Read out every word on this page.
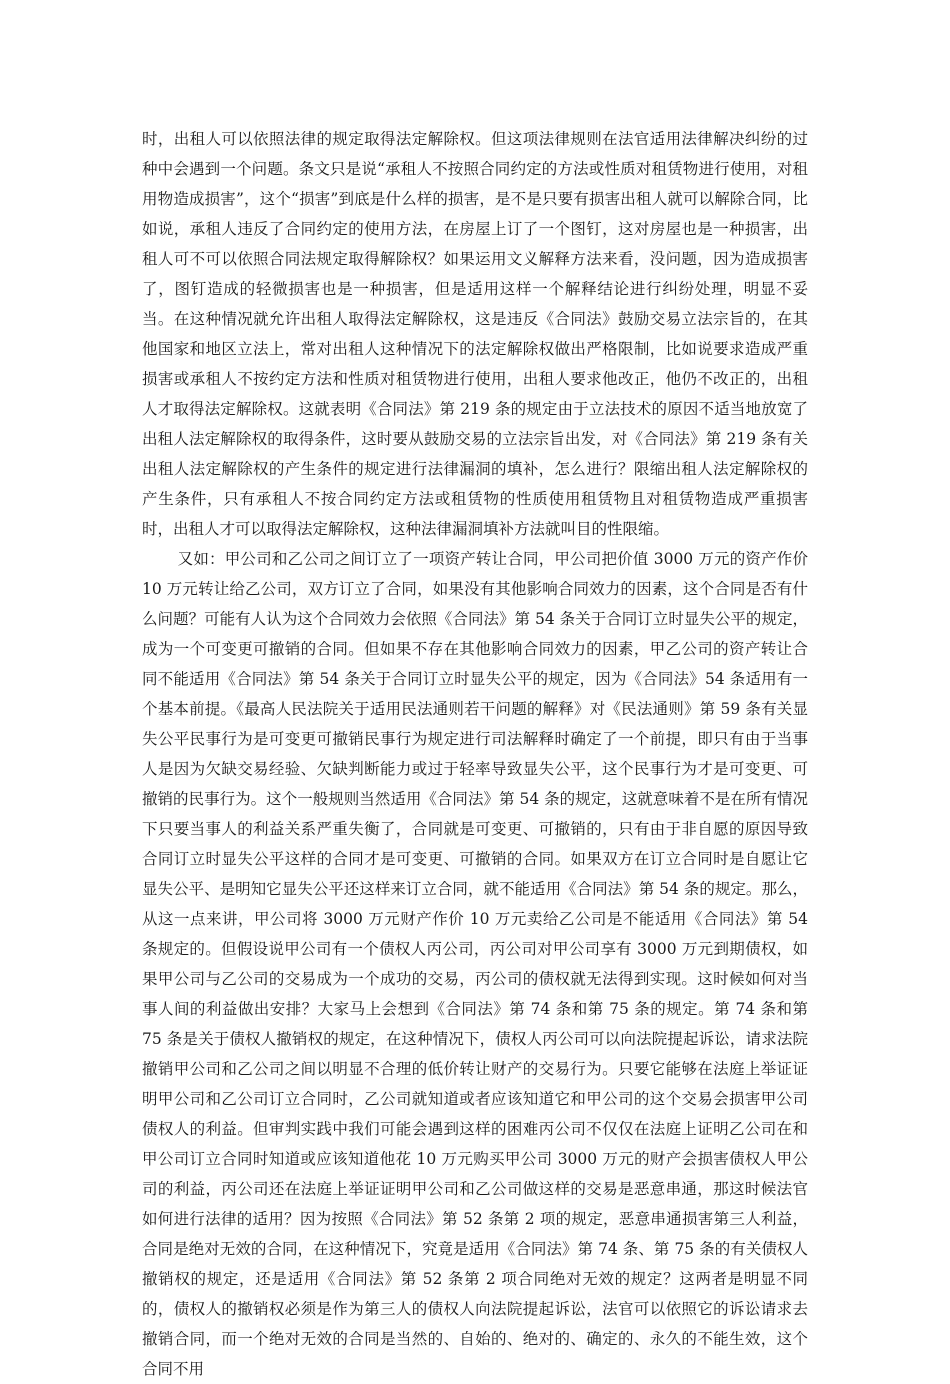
时，出租人可以依照法律的规定取得法定解除权。但这项法律规则在法官适用法律解决纠纷的过种中会遇到一个问题。条文只是说“承租人不按照合同约定的方法或性质对租赁物进行使用，对租用物造成损害”，这个“损害”到底是什么样的损害，是不是只要有损害出租人就可以解除合同，比如说，承租人违反了合同约定的使用方法，在房屋上订了一个图钉，这对房屋也是一种损害，出租人可不可以依照合同法规定取得解除权？如果运用文义解释方法来看，没问题，因为造成损害了，图钉造成的轻微损害也是一种损害，但是适用这样一个解释结论进行纠纷处理，明显不妥当。在这种情况就允许出租人取得法定解除权，这是违反《合同法》鼓励交易立法宗旨的，在其他国家和地区立法上，常对出租人这种情况下的法定解除权做出严格限制，比如说要求造成严重损害或承租人不按约定方法和性质对租赁物进行使用，出租人要求他改正，他仍不改正的，出租人才取得法定解除权。这就表明《合同法》第 219 条的规定由于立法技术的原因不适当地放宽了出租人法定解除权的取得条件，这时要从鼓励交易的立法宗旨出发，对《合同法》第 219 条有关出租人法定解除权的产生条件的规定进行法律漏洞的填补，怎么进行？限缩出租人法定解除权的产生条件，只有承租人不按合同约定方法或租赁物的性质使用租赁物且对租赁物造成严重损害时，出租人才可以取得法定解除权，这种法律漏洞填补方法就叫目的性限缩。

又如：甲公司和乙公司之间订立了一项资产转让合同，甲公司把价值 3000 万元的资产作价 10 万元转让给乙公司，双方订立了合同，如果没有其他影响合同效力的因素，这个合同是否有什么问题？可能有人认为这个合同效力会依照《合同法》第 54 条关于合同订立时显失公平的规定，成为一个可变更可撤销的合同。但如果不存在其他影响合同效力的因素，甲乙公司的资产转让合同不能适用《合同法》第 54 条关于合同订立时显失公平的规定，因为《合同法》54 条适用有一个基本前提。《最高人民法院关于适用民法通则若干问题的解释》对《民法通则》第 59 条有关显失公平民事行为是可变更可撤销民事行为规定进行司法解释时确定了一个前提，即只有由于当事人是因为欠缺交易经验、欠缺判断能力或过于轻率导致显失公平，这个民事行为才是可变更、可撤销的民事行为。这个一般规则当然适用《合同法》第 54 条的规定，这就意味着不是在所有情况下只要当事人的利益关系严重失衡了，合同就是可变更、可撤销的，只有由于非自愿的原因导致合同订立时显失公平这样的合同才是可变更、可撤销的合同。如果双方在订立合同时是自愿让它显失公平、是明知它显失公平还这样来订立合同，就不能适用《合同法》第 54 条的规定。那么，从这一点来讲，甲公司将 3000 万元财产作价 10 万元卖给乙公司是不能适用《合同法》第 54 条规定的。但假设说甲公司有一个债权人丙公司，丙公司对甲公司享有 3000 万元到期债权，如果甲公司与乙公司的交易成为一个成功的交易，丙公司的债权就无法得到实现。这时候如何对当事人间的利益做出安排？大家马上会想到《合同法》第 74 条和第 75 条的规定。第 74 条和第 75 条是关于债权人撤销权的规定，在这种情况下，债权人丙公司可以向法院提起诉讼，请求法院撤销甲公司和乙公司之间以明显不合理的低价转让财产的交易行为。只要它能够在法庭上举证证明甲公司和乙公司订立合同时，乙公司就知道或者应该知道它和甲公司的这个交易会损害甲公司债权人的利益。但审判实践中我们可能会遇到这样的困难丙公司不仅仅在法庭上证明乙公司在和甲公司订立合同时知道或应该知道他花 10 万元购买甲公司 3000 万元的财产会损害债权人甲公司的利益，丙公司还在法庭上举证证明甲公司和乙公司做这样的交易是恶意串通，那这时候法官如何进行法律的适用？因为按照《合同法》第 52 条第 2 项的规定，恶意串通损害第三人利益，合同是绝对无效的合同，在这种情况下，究竟是适用《合同法》第 74 条、第 75 条的有关债权人撤销权的规定，还是适用《合同法》第 52 条第 2 项合同绝对无效的规定？这两者是明显不同的，债权人的撤销权必须是作为第三人的债权人向法院提起诉讼，法官可以依照它的诉讼请求去撤销合同，而一个绝对无效的合同是当然的、自始的、绝对的、确定的、永久的不能生效，这个合同不用
